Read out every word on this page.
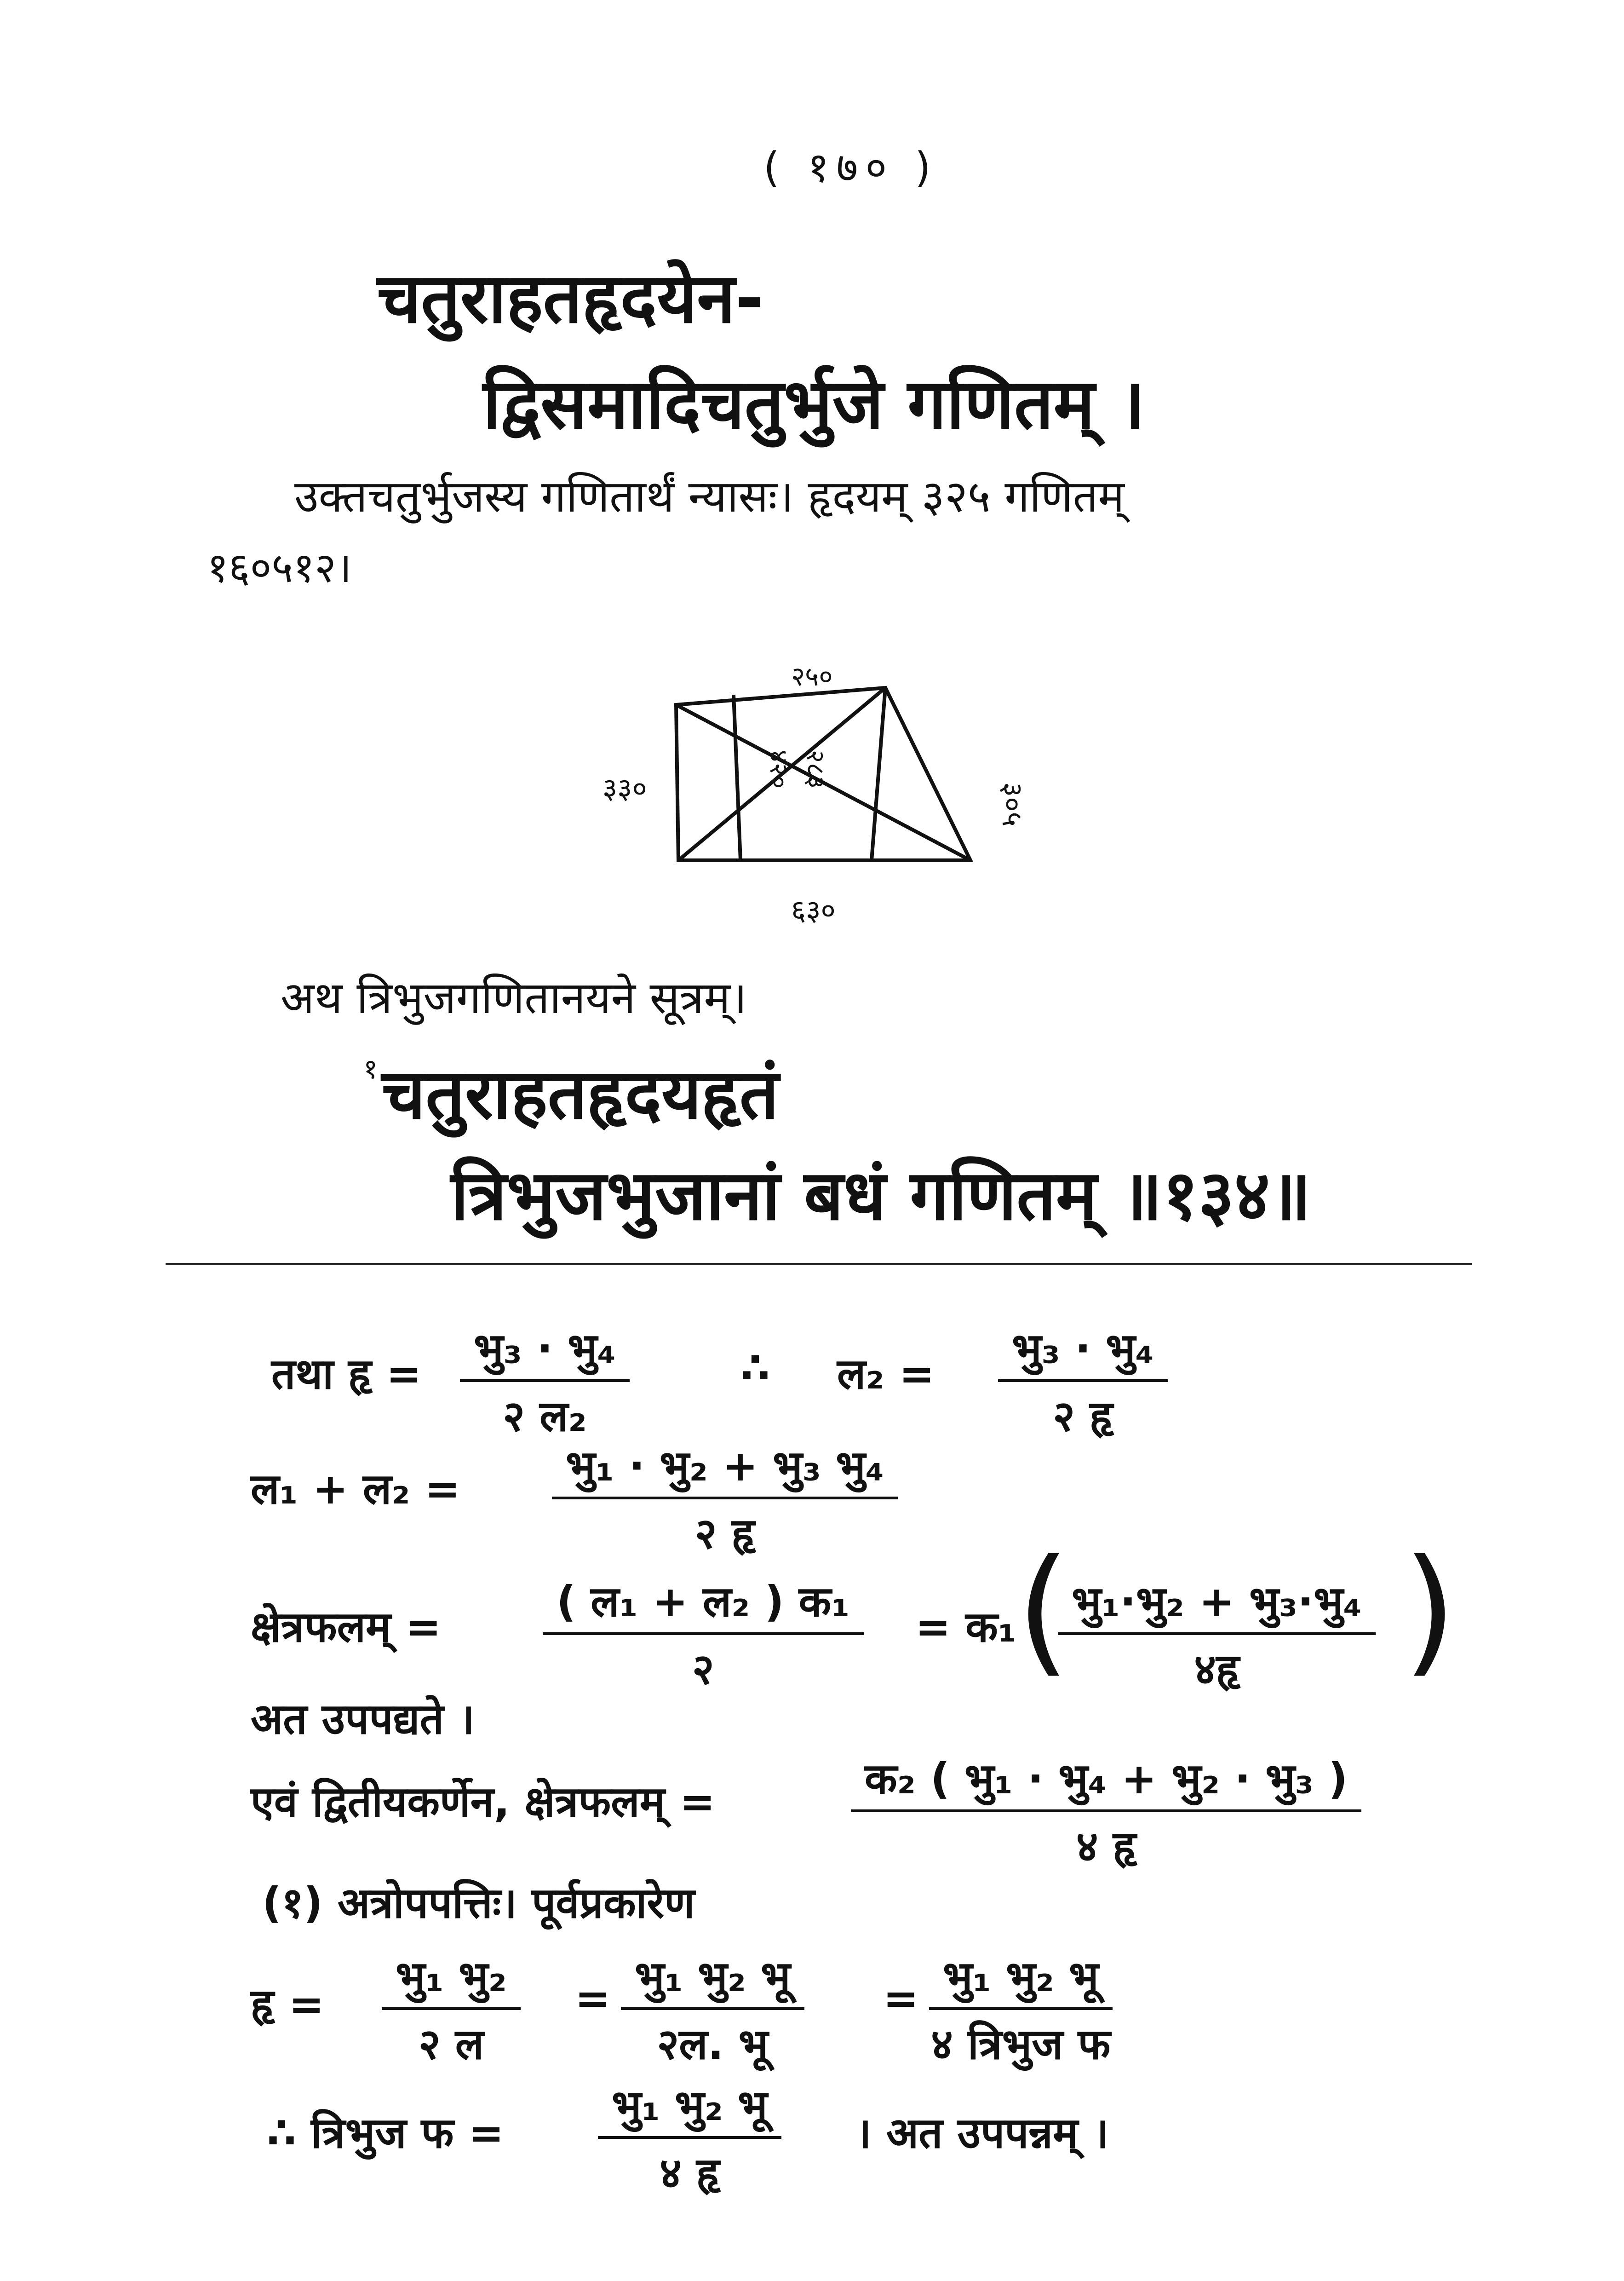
( १७० )
चतुराहतहृदयेन-
द्विसमादिचतुर्भुजे गणितम् ।
उक्तचतुर्भुजस्य गणितार्थं न्यासः। हृदयम् ३२५ गणितम्
१६०५१२।
२५०
३३०	३०५
६३०
४२० २८३
अथ त्रिभुजगणितानयने सूत्रम्।
१ चतुराहतहृदयहृतं
त्रिभुजभुजानां बधं गणितम् ॥१३४॥
तथा हृ =
भु₃ · भु₄
२ ल₂
∴ ल₂ =
भु₃ · भु₄
२ हृ
ल₁ + ल₂ =	भु₁ · भु₂ + भु₃ भु₄
२ हृ
क्षेत्रफलम् =
( ल₁ + ल₂ ) क₁
२
= क₁ ( भु₁·भु₂ + भु₃·भु₄
४हृ )
अत उपपद्यते ।
एवं द्वितीयकर्णेन, क्षेत्रफलम् =	क₂ ( भु₁ · भु₄ + भु₂ · भु₃ )
४ हृ
(१) अत्रोपपत्तिः। पूर्वप्रकारेण
हृ =
भु₁ भु₂
२ ल
= भु₁ भु₂ भू
२ल. भू
= भु₁ भु₂ भू
४ त्रिभुज फ
∴ त्रिभुज फ =
भु₁ भु₂ भू
४ हृ
। अत उपपन्नम् ।
